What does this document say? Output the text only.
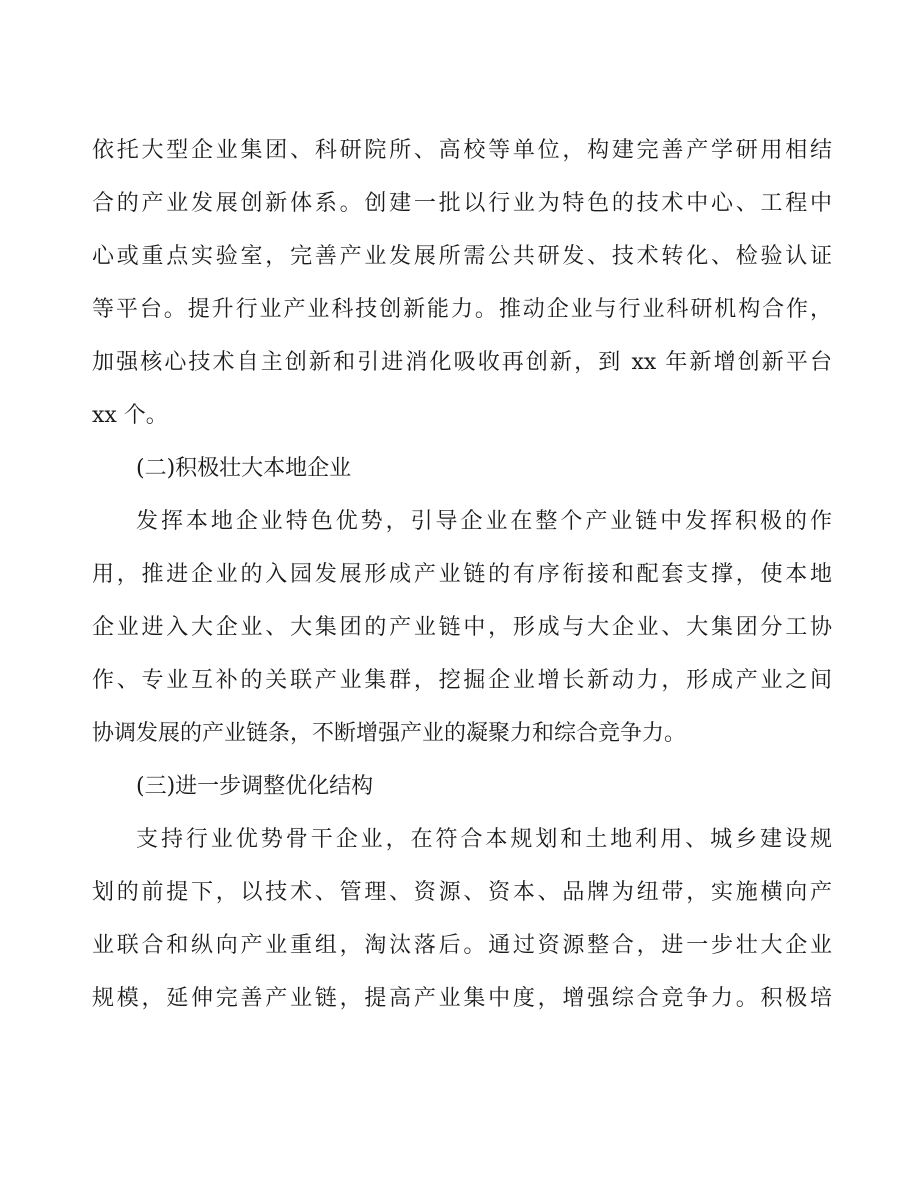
依托大型企业集团、科研院所、高校等单位，构建完善产学研用相结
合的产业发展创新体系。创建一批以行业为特色的技术中心、工程中
心或重点实验室，完善产业发展所需公共研发、技术转化、检验认证
等平台。提升行业产业科技创新能力。推动企业与行业科研机构合作，
加强核心技术自主创新和引进消化吸收再创新，到 xx 年新增创新平台
xx 个。
(二)积极壮大本地企业
发挥本地企业特色优势，引导企业在整个产业链中发挥积极的作
用，推进企业的入园发展形成产业链的有序衔接和配套支撑，使本地
企业进入大企业、大集团的产业链中，形成与大企业、大集团分工协
作、专业互补的关联产业集群，挖掘企业增长新动力，形成产业之间
协调发展的产业链条，不断增强产业的凝聚力和综合竞争力。
(三)进一步调整优化结构
支持行业优势骨干企业，在符合本规划和土地利用、城乡建设规
划的前提下，以技术、管理、资源、资本、品牌为纽带，实施横向产
业联合和纵向产业重组，淘汰落后。通过资源整合，进一步壮大企业
规模，延伸完善产业链，提高产业集中度，增强综合竞争力。积极培
